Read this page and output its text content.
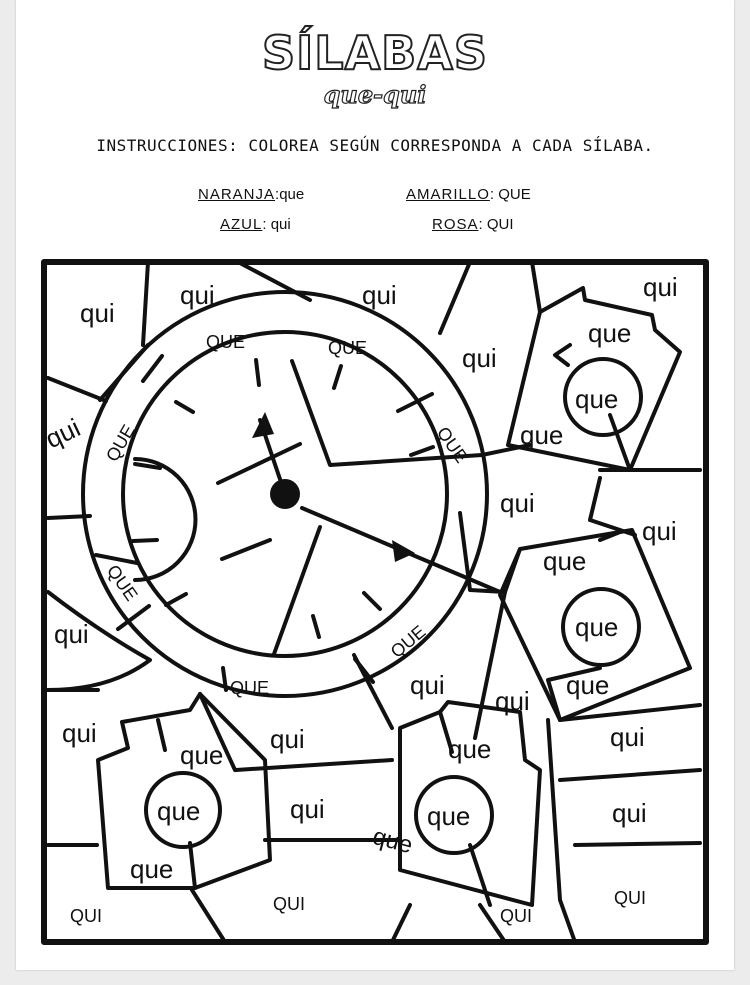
SÍLABAS
que-qui
INSTRUCCIONES: COLOREA SEGÚN CORRESPONDA A CADA SÍLABA.
NARANJA:que	AMARILLO: QUE
AZUL: qui	ROSA: QUI
qui
qui	qui
qui
qui
qui
qui
qui
qui
qui
qui
qui	qui	qui
qui	qui
que
que
que
que
que
que
que
que
que
que
que
que
QUE	QUE
QUE	QUE
QUE
QUE
QUE
QUI
QUI
QUI
QUI
